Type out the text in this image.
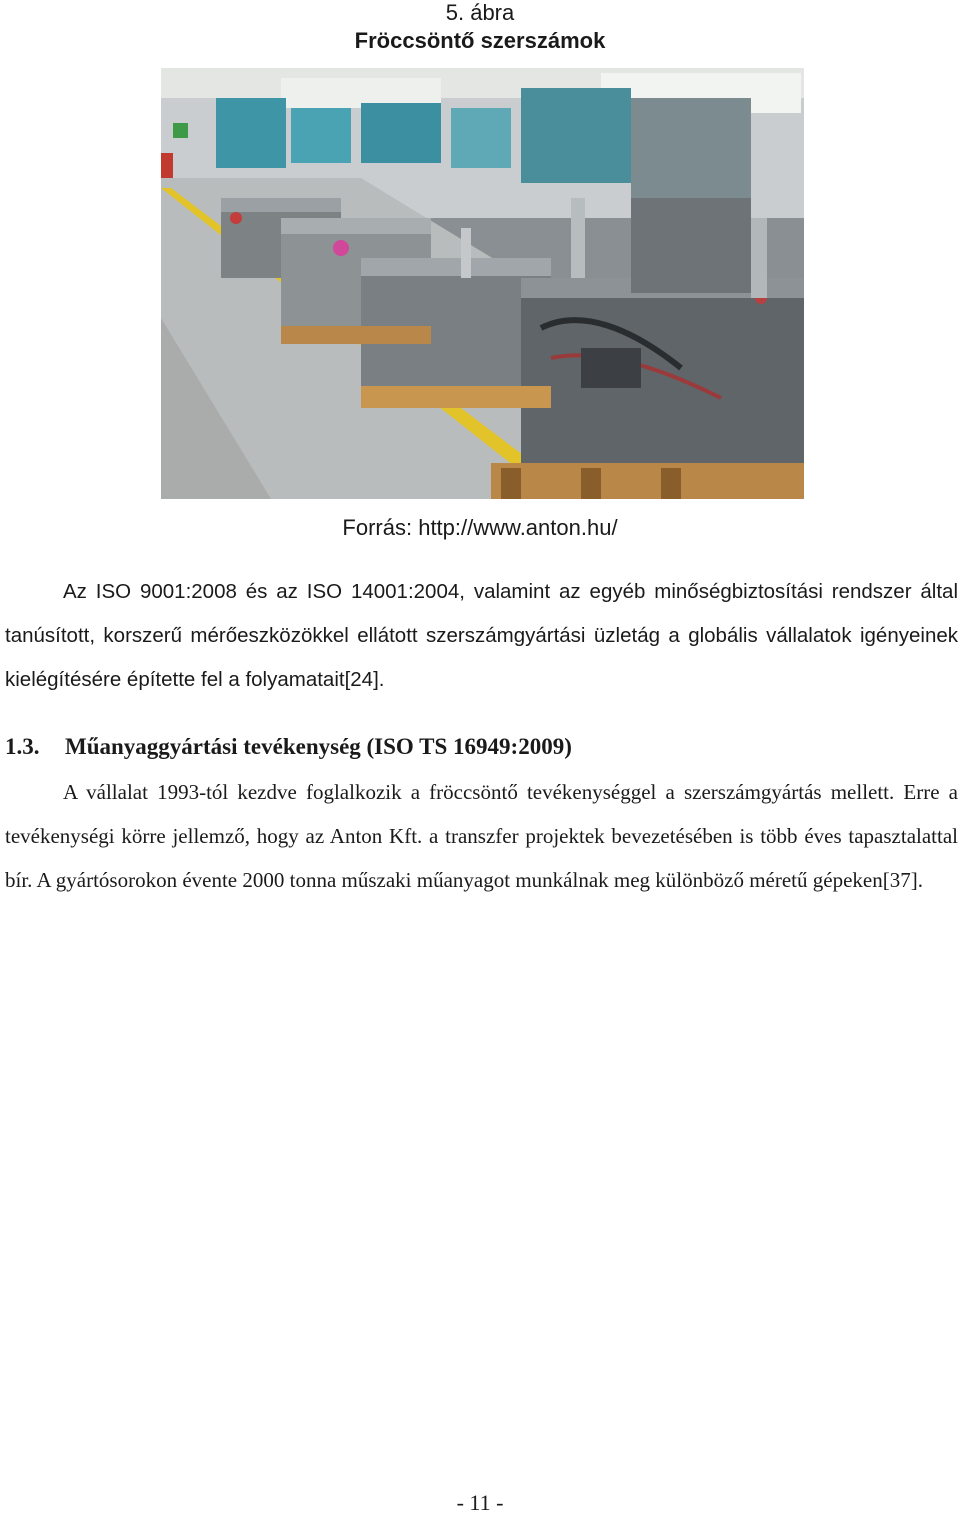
5. ábra
Fröccsöntő szerszámok
Forrás: http://www.anton.hu/

Az ISO 9001:2008 és az ISO 14001:2004, valamint az egyéb minőségbiztosítási rendszer által tanúsított, korszerű mérőeszközökkel ellátott szerszámgyártási üzletág a globális vállalatok igényeinek kielégítésére építette fel a folyamatait[24].

1.3. Műanyaggyártási tevékenység (ISO TS 16949:2009)

A vállalat 1993-tól kezdve foglalkozik a fröccsöntő tevékenységgel a szerszámgyártás mellett. Erre a tevékenységi körre jellemző, hogy az Anton Kft. a transzfer projektek bevezetésében is több éves tapasztalattal bír. A gyártósorokon évente 2000 tonna műszaki műanyagot munkálnak meg különböző méretű gépeken[37].

- 11 -
